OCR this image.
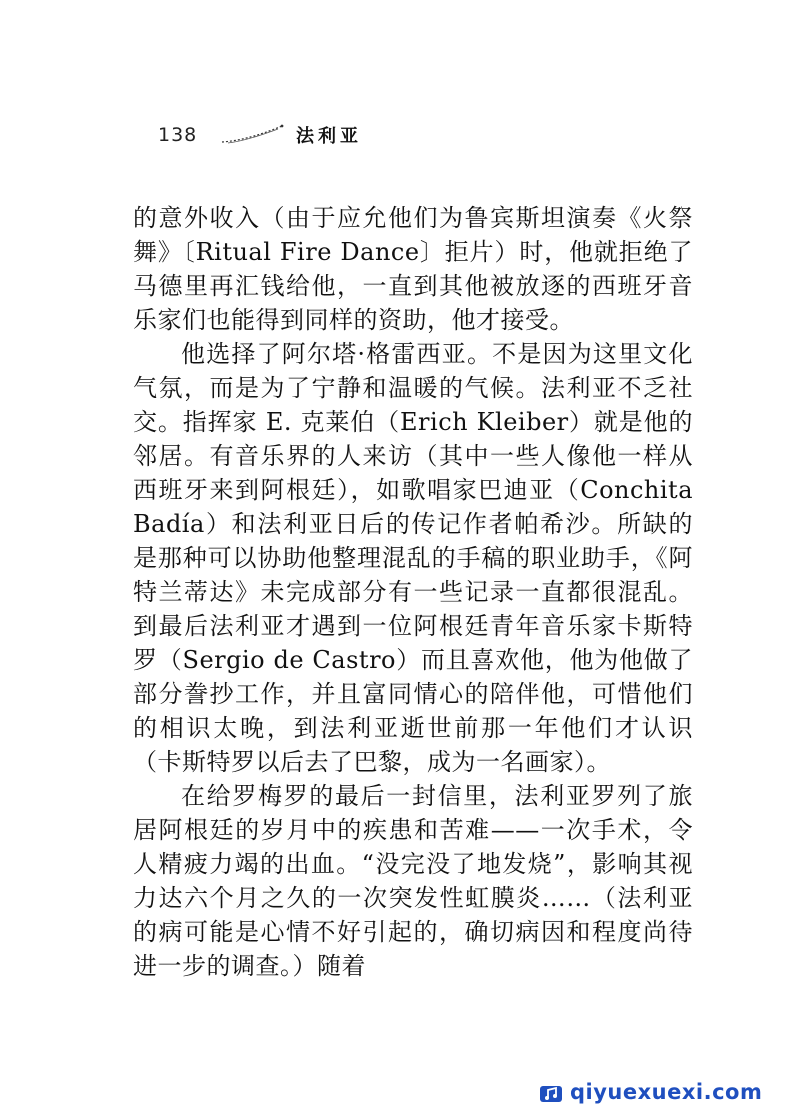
138	法利亚

的意外收入（由于应允他们为鲁宾斯坦演奏《火祭舞》〔Ritual Fire Dance〕拒片）时，他就拒绝了马德里再汇钱给他，一直到其他被放逐的西班牙音乐家们也能得到同样的资助，他才接受。

他选择了阿尔塔·格雷西亚。不是因为这里文化气氛，而是为了宁静和温暖的气候。法利亚不乏社交。指挥家 E. 克莱伯（Erich Kleiber）就是他的邻居。有音乐界的人来访（其中一些人像他一样从西班牙来到阿根廷），如歌唱家巴迪亚（Conchita Badía）和法利亚日后的传记作者帕希沙。所缺的是那种可以协助他整理混乱的手稿的职业助手，《阿特兰蒂达》未完成部分有一些记录一直都很混乱。到最后法利亚才遇到一位阿根廷青年音乐家卡斯特罗（Sergio de Castro）而且喜欢他，他为他做了部分誊抄工作，并且富同情心的陪伴他，可惜他们的相识太晚，到法利亚逝世前那一年他们才认识（卡斯特罗以后去了巴黎，成为一名画家）。

在给罗梅罗的最后一封信里，法利亚罗列了旅居阿根廷的岁月中的疾患和苦难——一次手术，令人精疲力竭的出血。“没完没了地发烧”，影响其视力达六个月之久的一次突发性虹膜炎……（法利亚的病可能是心情不好引起的，确切病因和程度尚待进一步的调查。）随着

qiyuexuexi.com
